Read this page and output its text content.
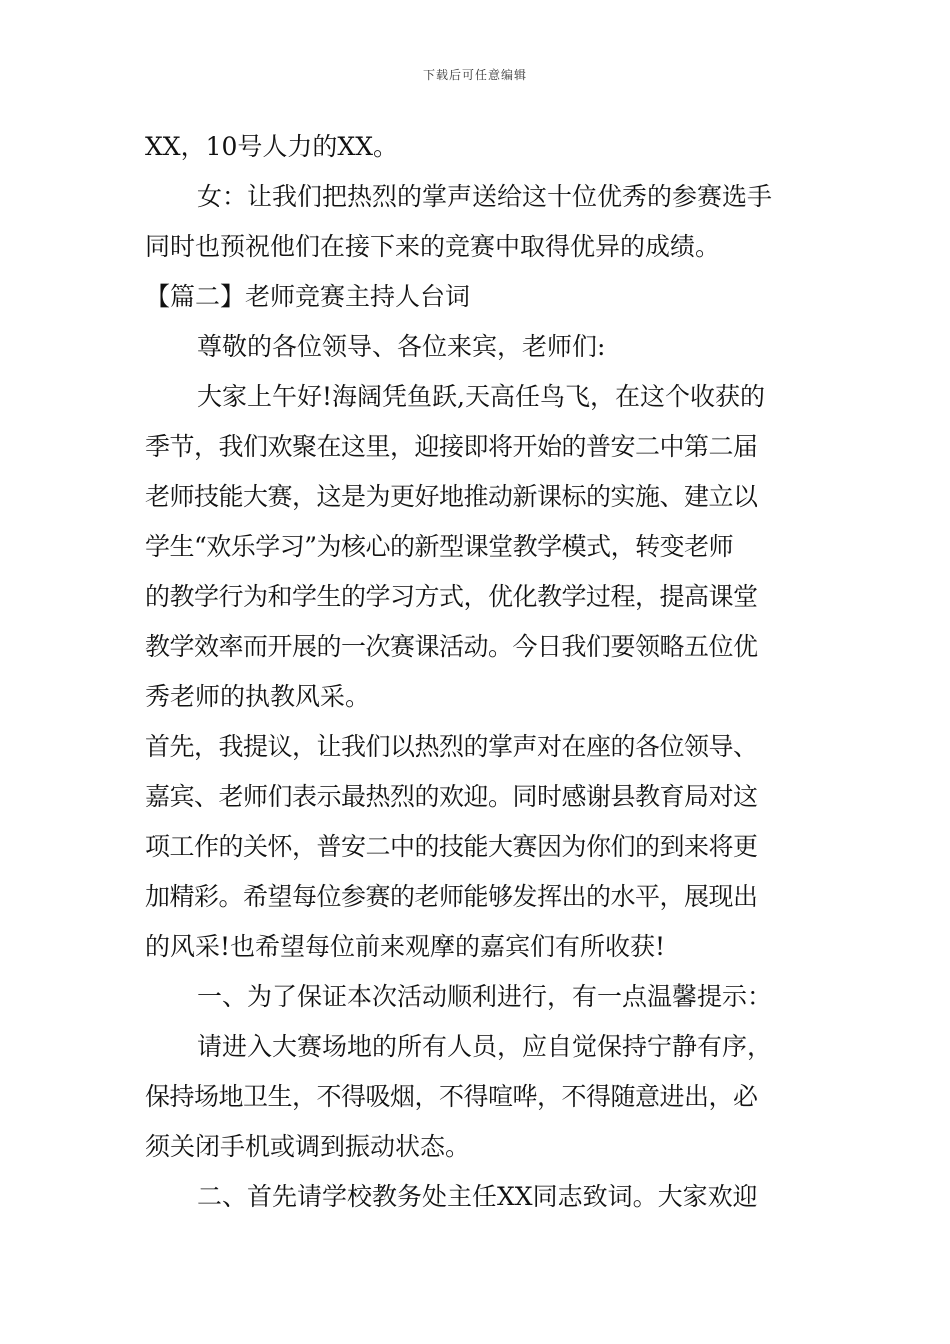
下载后可任意编辑
XX，10号人力的XX。
女：让我们把热烈的掌声送给这十位优秀的参赛选手
同时也预祝他们在接下来的竞赛中取得优异的成绩。
【篇二】老师竞赛主持人台词
尊敬的各位领导、各位来宾，老师们:
大家上午好!海阔凭鱼跃,天高任鸟飞，在这个收获的
季节，我们欢聚在这里，迎接即将开始的普安二中第二届
老师技能大赛，这是为更好地推动新课标的实施、建立以
学生“欢乐学习”为核心的新型课堂教学模式，转变老师
的教学行为和学生的学习方式，优化教学过程，提高课堂
教学效率而开展的一次赛课活动。今日我们要领略五位优
秀老师的执教风采。
首先，我提议，让我们以热烈的掌声对在座的各位领导、
嘉宾、老师们表示最热烈的欢迎。同时感谢县教育局对这
项工作的关怀，普安二中的技能大赛因为你们的到来将更
加精彩。希望每位参赛的老师能够发挥出的水平，展现出
的风采!也希望每位前来观摩的嘉宾们有所收获!
一、为了保证本次活动顺利进行，有一点温馨提示：
请进入大赛场地的所有人员，应自觉保持宁静有序，
保持场地卫生，不得吸烟，不得喧哗，不得随意进出，必
须关闭手机或调到振动状态。
二、首先请学校教务处主任XX同志致词。大家欢迎
